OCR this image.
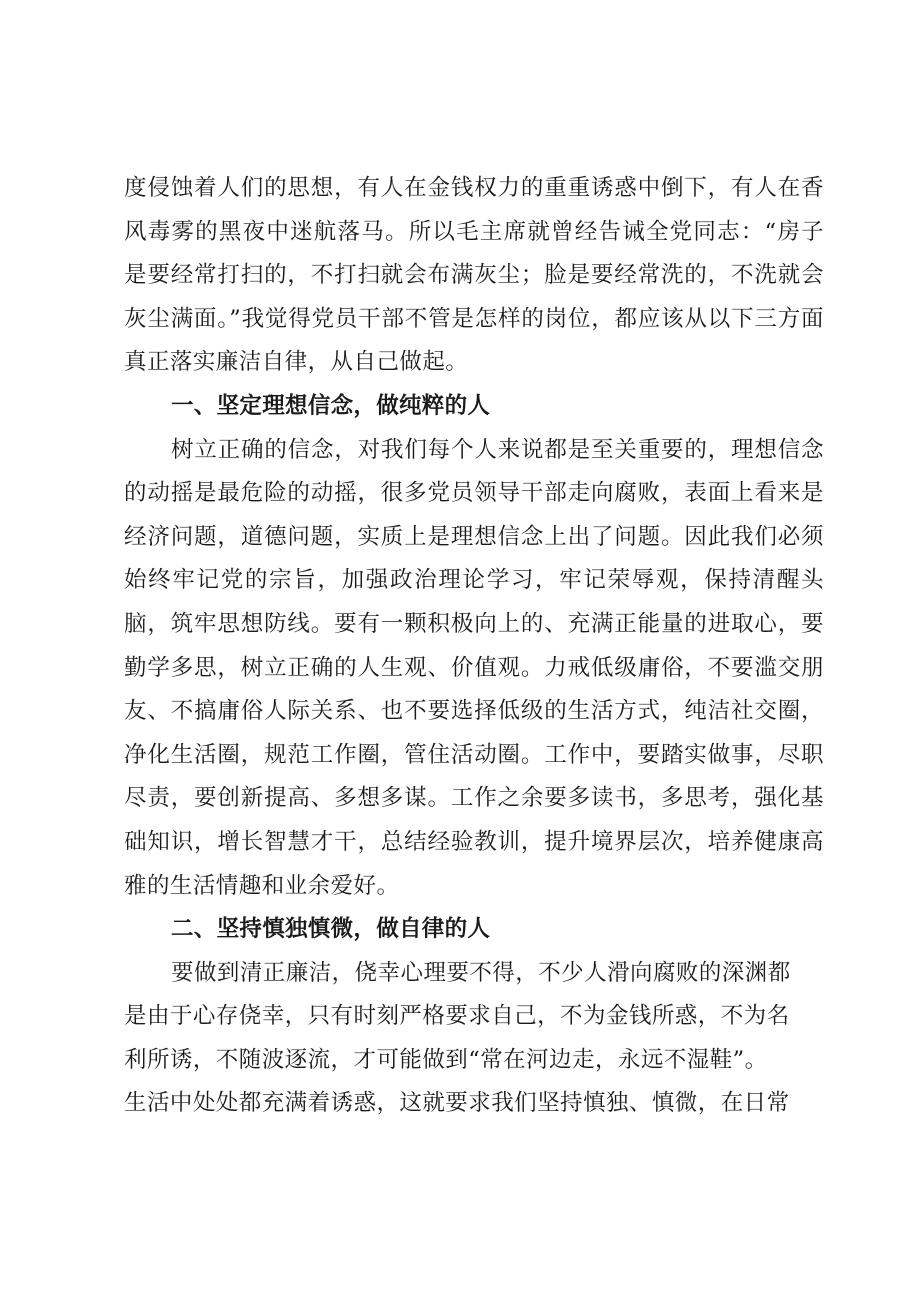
度侵蚀着人们的思想，有人在金钱权力的重重诱惑中倒下，有人在香风毒雾的黑夜中迷航落马。所以毛主席就曾经告诫全党同志：“房子是要经常打扫的，不打扫就会布满灰尘；脸是要经常洗的，不洗就会灰尘满面。”我觉得党员干部不管是怎样的岗位，都应该从以下三方面真正落实廉洁自律，从自己做起。

一、坚定理想信念，做纯粹的人

树立正确的信念，对我们每个人来说都是至关重要的，理想信念的动摇是最危险的动摇，很多党员领导干部走向腐败，表面上看来是经济问题，道德问题，实质上是理想信念上出了问题。因此我们必须始终牢记党的宗旨，加强政治理论学习，牢记荣辱观，保持清醒头脑，筑牢思想防线。要有一颗积极向上的、充满正能量的进取心，要勤学多思，树立正确的人生观、价值观。力戒低级庸俗，不要滥交朋友、不搞庸俗人际关系、也不要选择低级的生活方式，纯洁社交圈，净化生活圈，规范工作圈，管住活动圈。工作中，要踏实做事，尽职尽责，要创新提高、多想多谋。工作之余要多读书，多思考，强化基础知识，增长智慧才干，总结经验教训，提升境界层次，培养健康高雅的生活情趣和业余爱好。

二、坚持慎独慎微，做自律的人
要做到清正廉洁，侥幸心理要不得，不少人滑向腐败的深渊都
是由于心存侥幸，只有时刻严格要求自己，不为金钱所惑，不为名
利所诱，不随波逐流，才可能做到“常在河边走，永远不湿鞋”。
生活中处处都充满着诱惑，这就要求我们坚持慎独、慎微，在日常
